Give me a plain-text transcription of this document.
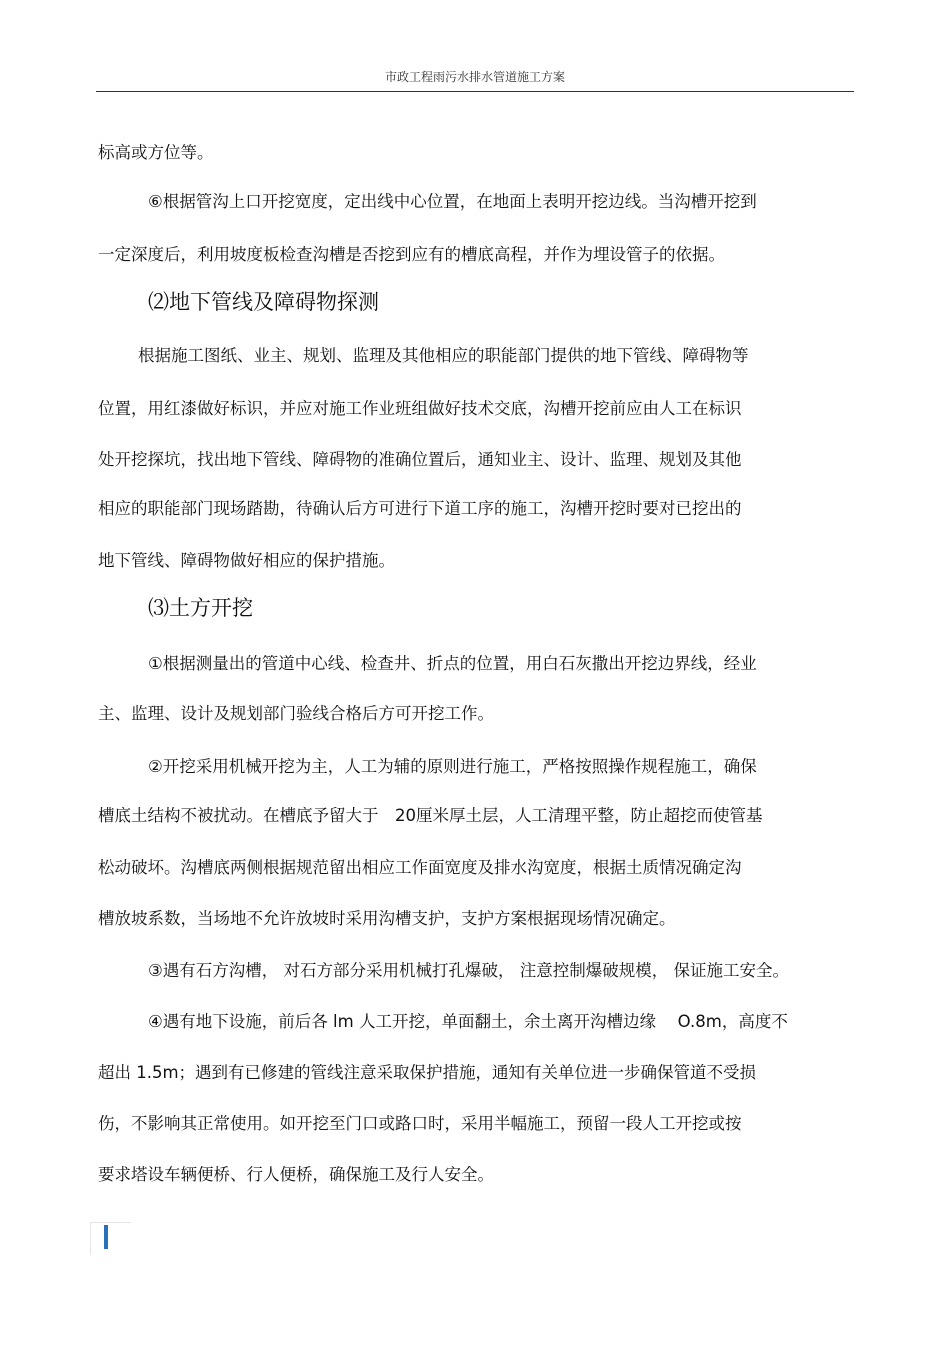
市政工程雨污水排水管道施工方案
标高或方位等。
⑥根据管沟上口开挖宽度，定出线中心位置，在地面上表明开挖边线。当沟槽开挖到
一定深度后，利用坡度板检查沟槽是否挖到应有的槽底高程，并作为埋设管子的依据。
⑵地下管线及障碍物探测
根据施工图纸、业主、规划、监理及其他相应的职能部门提供的地下管线、障碍物等
位置，用红漆做好标识，并应对施工作业班组做好技术交底，沟槽开挖前应由人工在标识
处开挖探坑，找出地下管线、障碍物的准确位置后，通知业主、设计、监理、规划及其他
相应的职能部门现场踏勘，待确认后方可进行下道工序的施工，沟槽开挖时要对已挖出的
地下管线、障碍物做好相应的保护措施。
⑶土方开挖
①根据测量出的管道中心线、检查井、折点的位置，用白石灰撒出开挖边界线，经业
主、监理、设计及规划部门验线合格后方可开挖工作。
②开挖采用机械开挖为主，人工为辅的原则进行施工，严格按照操作规程施工，确保
槽底土结构不被扰动。在槽底予留大于　20厘米厚土层，人工清理平整，防止超挖而使管基
松动破坏。沟槽底两侧根据规范留出相应工作面宽度及排水沟宽度，根据土质情况确定沟
槽放坡系数，当场地不允许放坡时采用沟槽支护，支护方案根据现场情况确定。
③遇有石方沟槽， 对石方部分采用机械打孔爆破， 注意控制爆破规模， 保证施工安全。
④遇有地下设施，前后各 lm 人工开挖，单面翻土，余土离开沟槽边缘　 O.8m，高度不
超出 1.5m；遇到有已修建的管线注意采取保护措施，通知有关单位进一步确保管道不受损
伤，不影响其正常使用。如开挖至门口或路口时，采用半幅施工，预留一段人工开挖或按
要求塔设车辆便桥、行人便桥，确保施工及行人安全。
